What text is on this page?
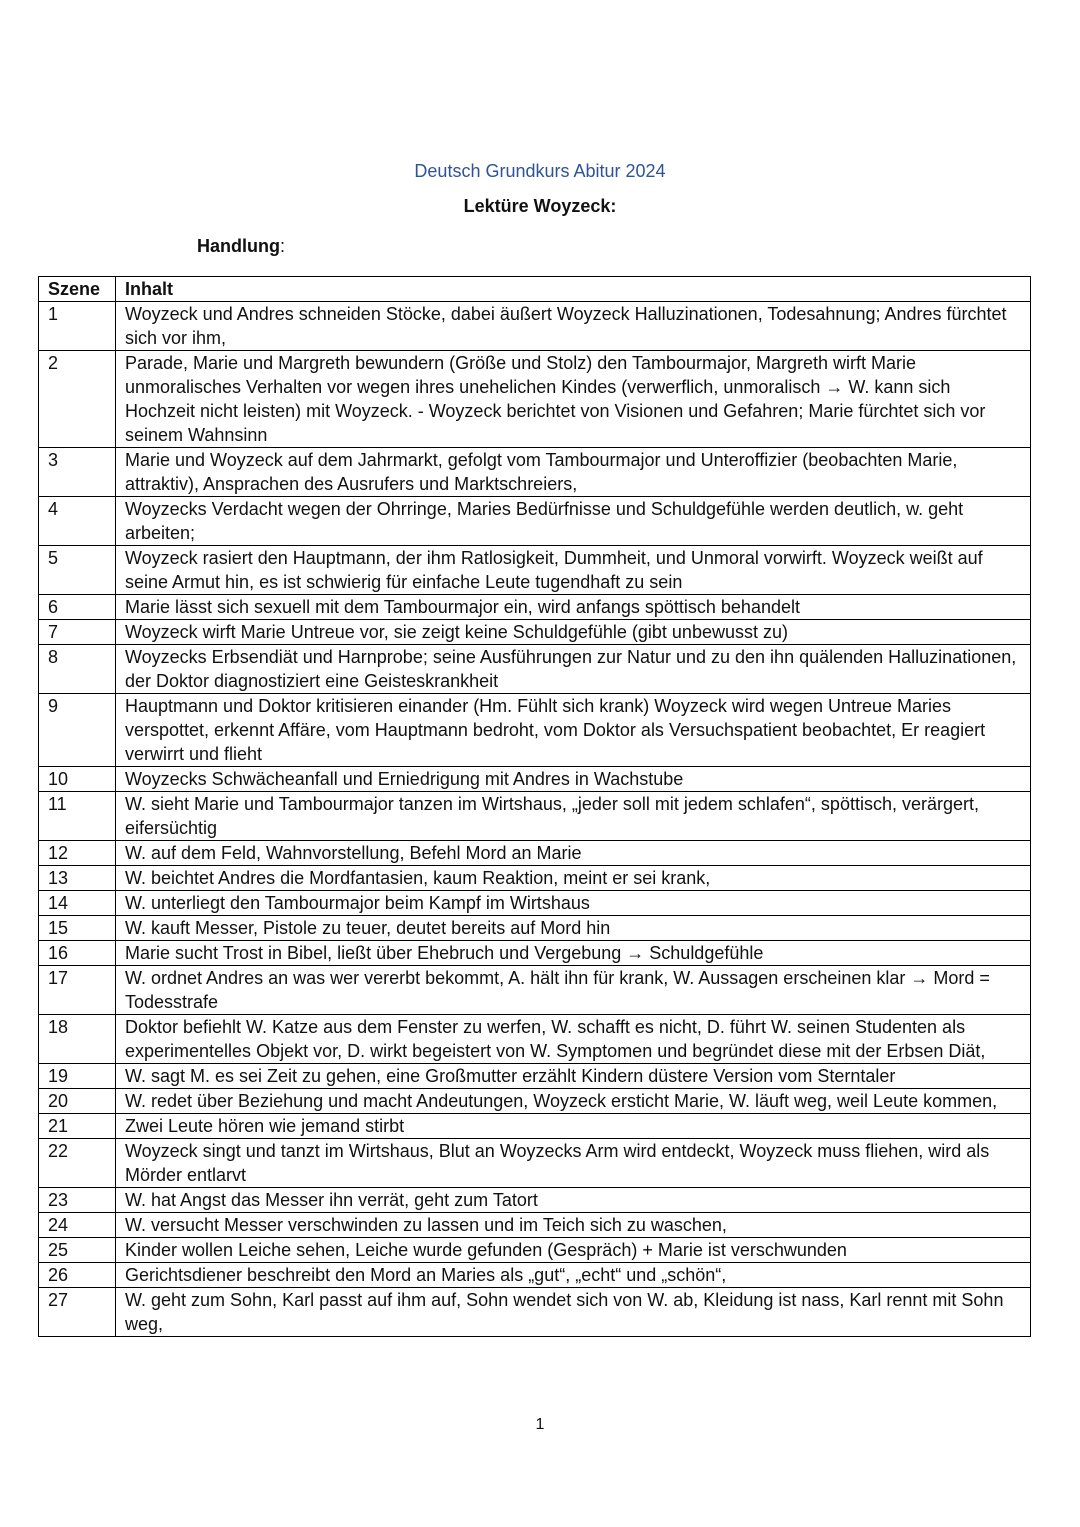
Deutsch Grundkurs Abitur 2024
Lektüre Woyzeck:
Handlung:
Szene	Inhalt
1	Woyzeck und Andres schneiden Stöcke, dabei äußert Woyzeck Halluzinationen, Todesahnung; Andres fürchtet sich vor ihm,
2	Parade, Marie und Margreth bewundern (Größe und Stolz) den Tambourmajor, Margreth wirft Marie unmoralisches Verhalten vor wegen ihres unehelichen Kindes (verwerflich, unmoralisch → W. kann sich Hochzeit nicht leisten) mit Woyzeck. - Woyzeck berichtet von Visionen und Gefahren; Marie fürchtet sich vor seinem Wahnsinn
3	Marie und Woyzeck auf dem Jahrmarkt, gefolgt vom Tambourmajor und Unteroffizier (beobachten Marie, attraktiv), Ansprachen des Ausrufers und Marktschreiers,
4	Woyzecks Verdacht wegen der Ohrringe, Maries Bedürfnisse und Schuldgefühle werden deutlich, w. geht arbeiten;
5	Woyzeck rasiert den Hauptmann, der ihm Ratlosigkeit, Dummheit, und Unmoral vorwirft. Woyzeck weißt auf seine Armut hin, es ist schwierig für einfache Leute tugendhaft zu sein
6	Marie lässt sich sexuell mit dem Tambourmajor ein, wird anfangs spöttisch behandelt
7	Woyzeck wirft Marie Untreue vor, sie zeigt keine Schuldgefühle (gibt unbewusst zu)
8	Woyzecks Erbsendiät und Harnprobe; seine Ausführungen zur Natur und zu den ihn quälenden Halluzinationen, der Doktor diagnostiziert eine Geisteskrankheit
9	Hauptmann und Doktor kritisieren einander (Hm. Fühlt sich krank) Woyzeck wird wegen Untreue Maries verspottet, erkennt Affäre, vom Hauptmann bedroht, vom Doktor als Versuchspatient beobachtet, Er reagiert verwirrt und flieht
10	Woyzecks Schwächeanfall und Erniedrigung mit Andres in Wachstube
11	W. sieht Marie und Tambourmajor tanzen im Wirtshaus, „jeder soll mit jedem schlafen“, spöttisch, verärgert, eifersüchtig
12	W. auf dem Feld, Wahnvorstellung, Befehl Mord an Marie
13	W. beichtet Andres die Mordfantasien, kaum Reaktion, meint er sei krank,
14	W. unterliegt den Tambourmajor beim Kampf im Wirtshaus
15	W. kauft Messer, Pistole zu teuer, deutet bereits auf Mord hin
16	Marie sucht Trost in Bibel, ließt über Ehebruch und Vergebung → Schuldgefühle
17	W. ordnet Andres an was wer vererbt bekommt, A. hält ihn für krank, W. Aussagen erscheinen klar → Mord = Todesstrafe
18	Doktor befiehlt W. Katze aus dem Fenster zu werfen, W. schafft es nicht, D. führt W. seinen Studenten als experimentelles Objekt vor, D. wirkt begeistert von W. Symptomen und begründet diese mit der Erbsen Diät,
19	W. sagt M. es sei Zeit zu gehen, eine Großmutter erzählt Kindern düstere Version vom Sterntaler
20	W. redet über Beziehung und macht Andeutungen, Woyzeck ersticht Marie, W. läuft weg, weil Leute kommen,
21	Zwei Leute hören wie jemand stirbt
22	Woyzeck singt und tanzt im Wirtshaus, Blut an Woyzecks Arm wird entdeckt, Woyzeck muss fliehen, wird als Mörder entlarvt
23	W. hat Angst das Messer ihn verrät, geht zum Tatort
24	W. versucht Messer verschwinden zu lassen und im Teich sich zu waschen,
25	Kinder wollen Leiche sehen, Leiche wurde gefunden (Gespräch) + Marie ist verschwunden
26	Gerichtsdiener beschreibt den Mord an Maries als „gut“, „echt“ und „schön“,
27	W. geht zum Sohn, Karl passt auf ihm auf, Sohn wendet sich von W. ab, Kleidung ist nass, Karl rennt mit Sohn weg,
1
